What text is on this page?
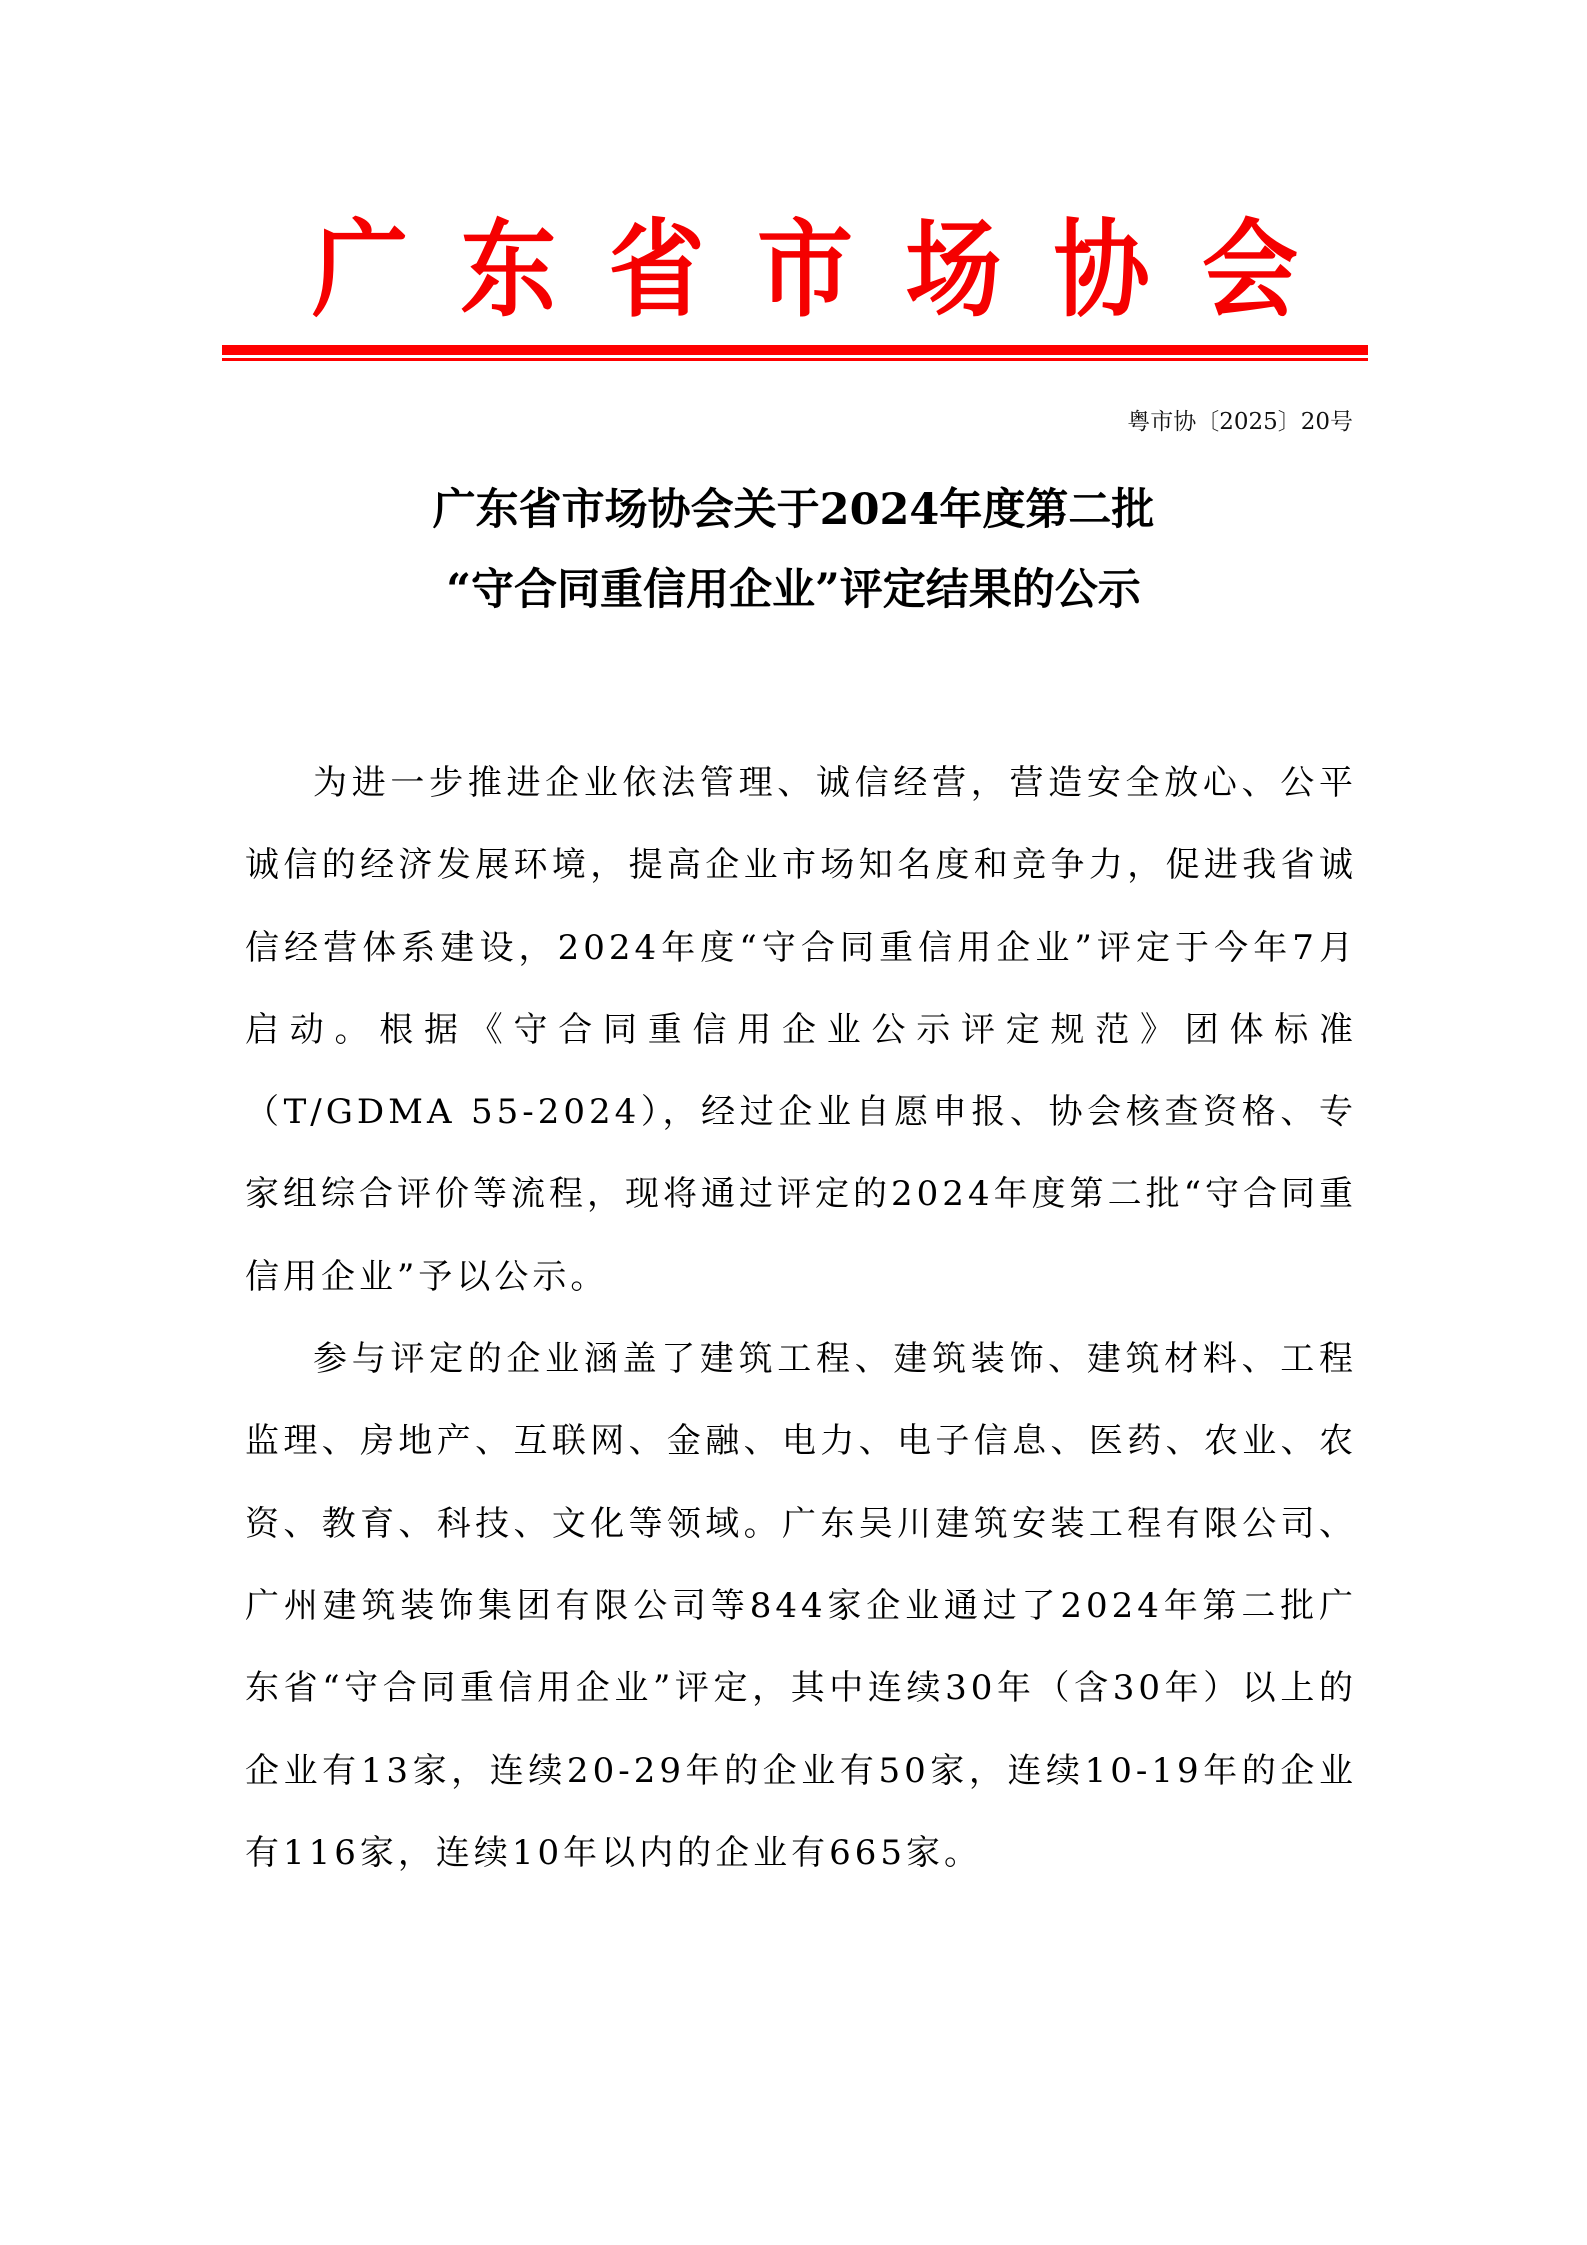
广 东 省 市 场 协 会
粤市协〔2025〕20号
广东省市场协会关于2024年度第二批
“守合同重信用企业”评定结果的公示

为进一步推进企业依法管理、诚信经营，营造安全放心、公平诚信的经济发展环境，提高企业市场知名度和竞争力，促进我省诚信经营体系建设，2024年度“守合同重信用企业”评定于今年7月启动。根据《守合同重信用企业公示评定规范》团体标准（T/GDMA 55-2024），经过企业自愿申报、协会核查资格、专家组综合评价等流程，现将通过评定的2024年度第二批“守合同重信用企业”予以公示。

参与评定的企业涵盖了建筑工程、建筑装饰、建筑材料、工程监理、房地产、互联网、金融、电力、电子信息、医药、农业、农资、教育、科技、文化等领域。广东吴川建筑安装工程有限公司、广州建筑装饰集团有限公司等844家企业通过了2024年第二批广东省“守合同重信用企业”评定，其中连续30年（含30年）以上的企业有13家，连续20-29年的企业有50家，连续10-19年的企业有116家，连续10年以内的企业有665家。
